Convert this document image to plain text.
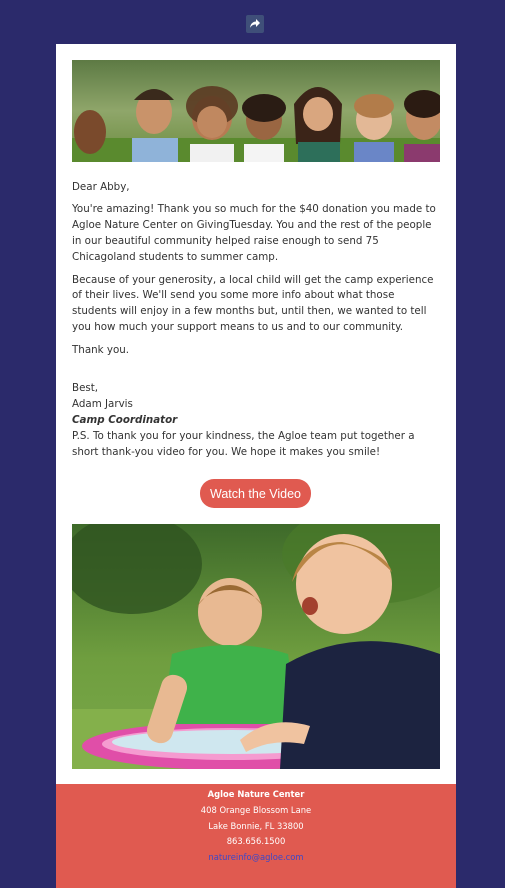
Dear Abby,

You're amazing! Thank you so much for the $40 donation you made to Agloe Nature Center on GivingTuesday. You and the rest of the people in our beautiful community helped raise enough to send 75 Chicagoland students to summer camp.

Because of your generosity, a local child will get the camp experience of their lives. We'll send you some more info about what those students will enjoy in a few months but, until then, we wanted to tell you how much your support means to us and to our community.

Thank you.

Best,
Adam Jarvis
Camp Coordinator

P.S. To thank you for your kindness, the Agloe team put together a short thank-you video for you. We hope it makes you smile!

Watch the Video
Agloe Nature Center
408 Orange Blossom Lane
Lake Bonnie, FL 33800
863.656.1500
natureinfo@agloe.com
